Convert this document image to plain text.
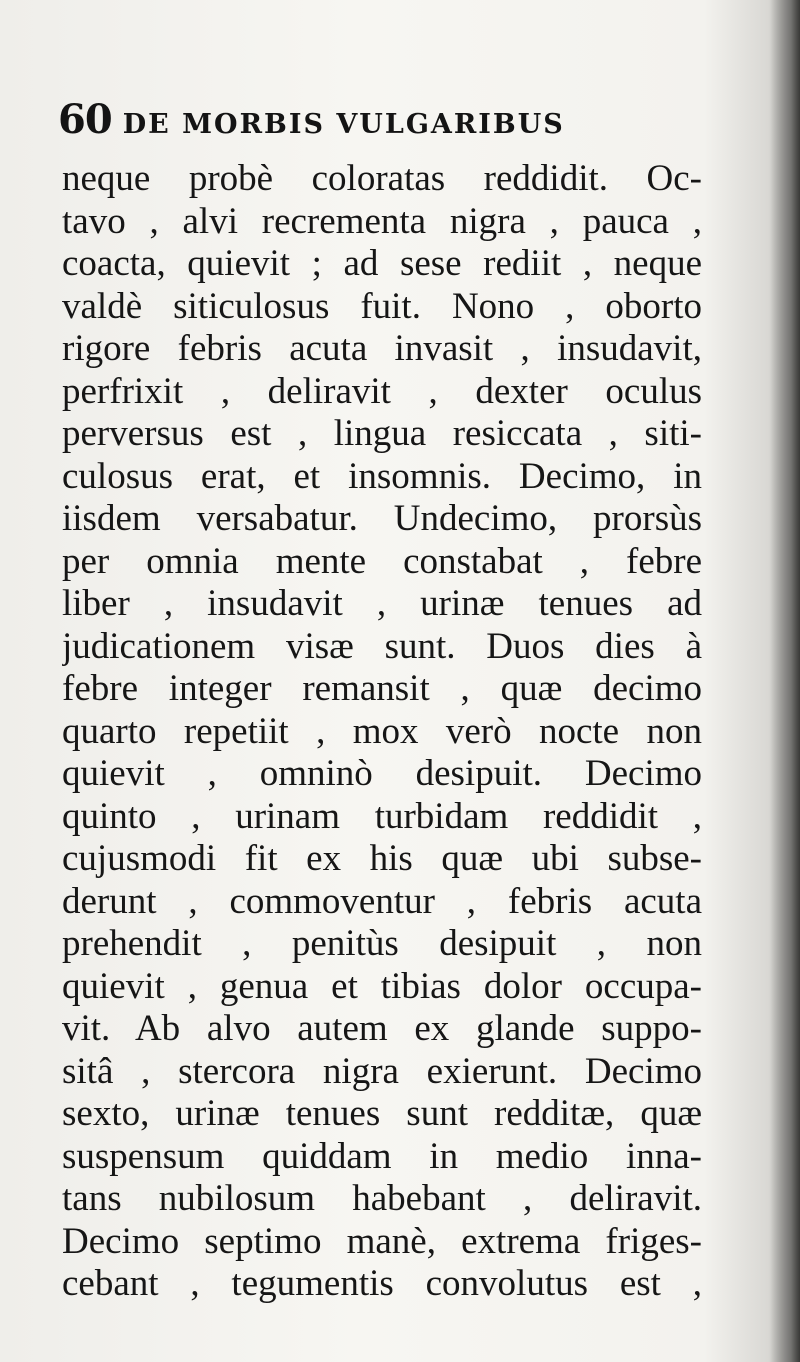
60 DE MORBIS VULGARIBUS
neque probè coloratas reddidit. Oc-
tavo , alvi recrementa nigra , pauca ,
coacta, quievit ; ad sese rediit , neque
valdè siticulosus fuit. Nono , oborto
rigore febris acuta invasit , insudavit,
perfrixit , deliravit , dexter oculus
perversus est , lingua resiccata , siti-
culosus erat, et insomnis. Decimo, in
iisdem versabatur. Undecimo, prorsùs
per omnia mente constabat , febre
liber , insudavit , urinæ tenues ad
judicationem visæ sunt. Duos dies à
febre integer remansit , quæ decimo
quarto repetiit , mox verò nocte non
quievit , omninò desipuit. Decimo
quinto , urinam turbidam reddidit ,
cujusmodi fit ex his quæ ubi subse-
derunt , commoventur , febris acuta
prehendit , penitùs desipuit , non
quievit , genua et tibias dolor occupa-
vit. Ab alvo autem ex glande suppo-
sitâ , stercora nigra exierunt. Decimo
sexto, urinæ tenues sunt redditæ, quæ
suspensum quiddam in medio inna-
tans nubilosum habebant , deliravit.
Decimo septimo manè, extrema friges-
cebant , tegumentis convolutus est ,
